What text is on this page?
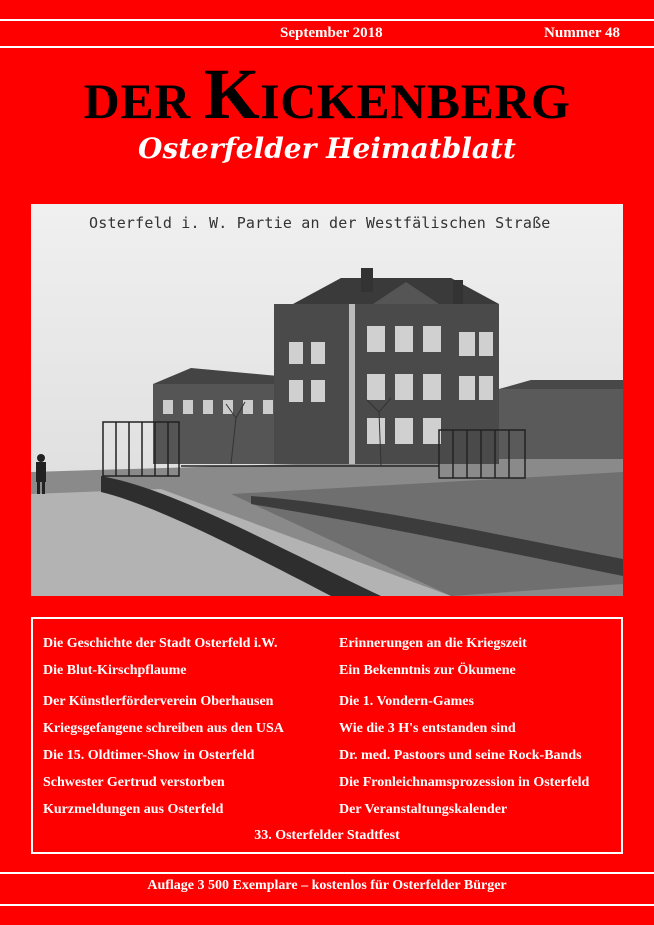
September 2018	Nummer 48
DER KICKENBERG
Osterfelder Heimatblatt
Osterfeld i. W. Partie an der Westfälischen Straße
Die Geschichte der Stadt Osterfeld i.W.
Die Blut-Kirschpflaume
Der Künstlerförderverein Oberhausen
Kriegsgefangene schreiben aus den USA
Die 15. Oldtimer-Show in Osterfeld
Schwester Gertrud verstorben
Kurzmeldungen aus Osterfeld
Erinnerungen an die Kriegszeit
Ein Bekenntnis zur Ökumene
Die 1. Vondern-Games
Wie die 3 H's entstanden sind
Dr. med. Pastoors und seine Rock-Bands
Die Fronleichnamsprozession in Osterfeld
Der Veranstaltungskalender
33. Osterfelder Stadtfest
Auflage 3 500 Exemplare – kostenlos für Osterfelder Bürger
